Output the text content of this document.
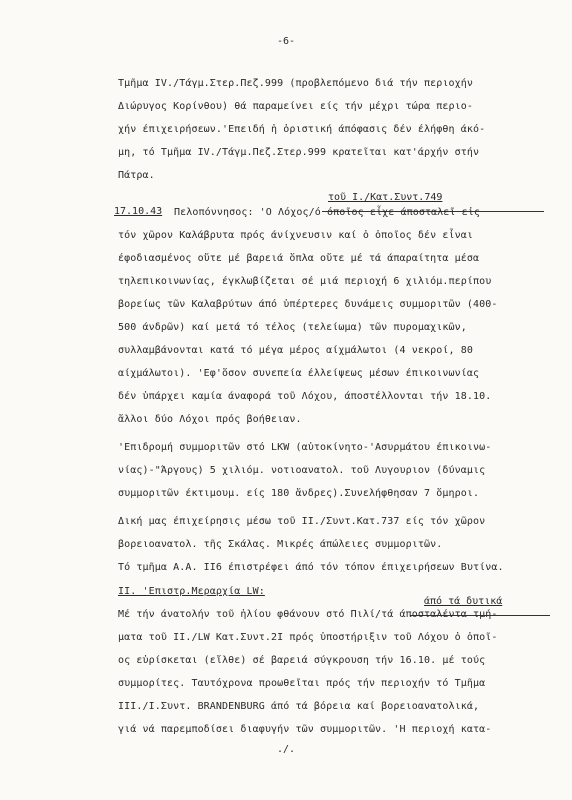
-6-
Τμῆμα IV./Τάγμ.Στερ.Πεζ.999 (προβλεπόμενο διά τήν περιοχήν
Διώρυγος Κορίνθου) θά παραμείνει είς τήν μέχρι τώρα περιο-
χήν έπιχειρήσεων.'Επειδή ἡ ὁριστική άπόφασις δέν έλήφθη άκό-
μη, τό Τμῆμα IV./Τάγμ.Πεζ.Στερ.999 κρατεῖται κατ'άρχήν στήν
Πάτρα.
τοῦ I./Κατ.Συντ.749
17.10.43 Πελοπόννησος: 'Ο Λόχος/ό όποῖος εἶχε άποσταλεῖ εἰς
τόν χῶρον Καλάβρυτα πρός άνίχνευσιν καί ὁ ὁποῖος δέν εἶναι
έφοδιασμένος οὔτε μέ βαρειά ὅπλα οὔτε μέ τά άπαραίτητα μέσα
τηλεπικοινωνίας, έγκλωβίζεται σέ μιά περιοχή 6 χιλιόμ.περίπου
βορείως τῶν Καλαβρύτων άπό ὑπέρτερες δυνάμεις συμμοριτῶν (400-
500 άνδρῶν) καί μετά τό τέλος (τελείωμα) τῶν πυρομαχικῶν,
συλλαμβάνονται κατά τό μέγα μέρος αίχμάλωτοι (4 νεκροί, 80
αίχμάλωτοι). 'Εφ'ὅσον συνεπεία έλλείψεως μέσων έπικοινωνίας
δέν ὑπάρχει καμία άναφορά τοῦ Λόχου, άποστέλλονται τήν 18.10.
ἄλλοι δύο Λόχοι πρός βοήθειαν.
'Επιδρομή συμμοριτῶν στό LKW (αὐτοκίνητο-'Ασυρμάτου έπικοινω-
νίας)-"Άργους) 5 χιλιόμ. νοτιοανατολ. τοῦ Λυγουριον (δύναμις
συμμοριτῶν έκτιμουμ. είς 180 ἄνδρες).Συνελήφθησαν 7 ὅμηροι.
Δική μας έπιχείρησις μέσω τοῦ II./Συντ.Κατ.737 είς τόν χῶρον
βορειοανατολ. τῆς Σκάλας. Μικρές άπώλειες συμμοριτῶν.
Τό τμῆμα Α.Α. II6 έπιστρέφει άπό τόν τόπον έπιχειρήσεων Βυτίνα.
II. 'Επιστρ.Μεραρχία LW:
άπό τά δυτικά
Μέ τήν άνατολήν τοῦ ἡλίου φθάνουν στό Πιλί/τά άποσταλέντα τμή-
ματα τοῦ II./LW Κατ.Συντ.2I πρός ὑποστήριξιν τοῦ Λόχου ὁ ὁποῖ-
ος εὑρίσκεται (εἴλθε) σέ βαρειά σύγκρουση τήν 16.10. μέ τούς
συμμορίτες. Ταυτόχρονα προωθεῖται πρός τήν περιοχήν τό Τμῆμα
III./I.Συντ. BRANDENBURG άπό τά βόρεια καί βορειοανατολικά,
γιά νά παρεμποδίσει διαφυγήν τῶν συμμοριτῶν. 'Η περιοχή κατα-
./.
